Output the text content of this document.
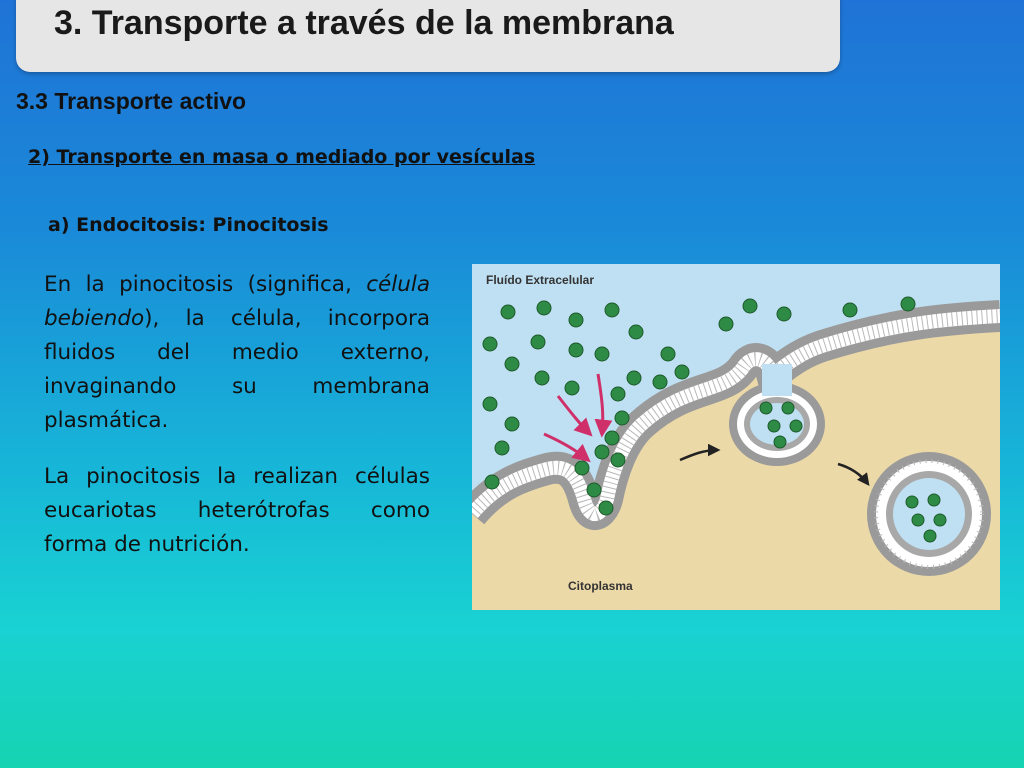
3. Transporte a través de la membrana
3.3 Transporte activo
2) Transporte en masa o mediado por vesículas
a) Endocitosis: Pinocitosis

En la pinocitosis (significa, célula bebiendo), la célula, incorpora fluidos del medio externo, invaginando su membrana plasmática.

La pinocitosis la realizan células eucariotas heterótrofas como forma de nutrición.

Fluído Extracelular
Citoplasma
